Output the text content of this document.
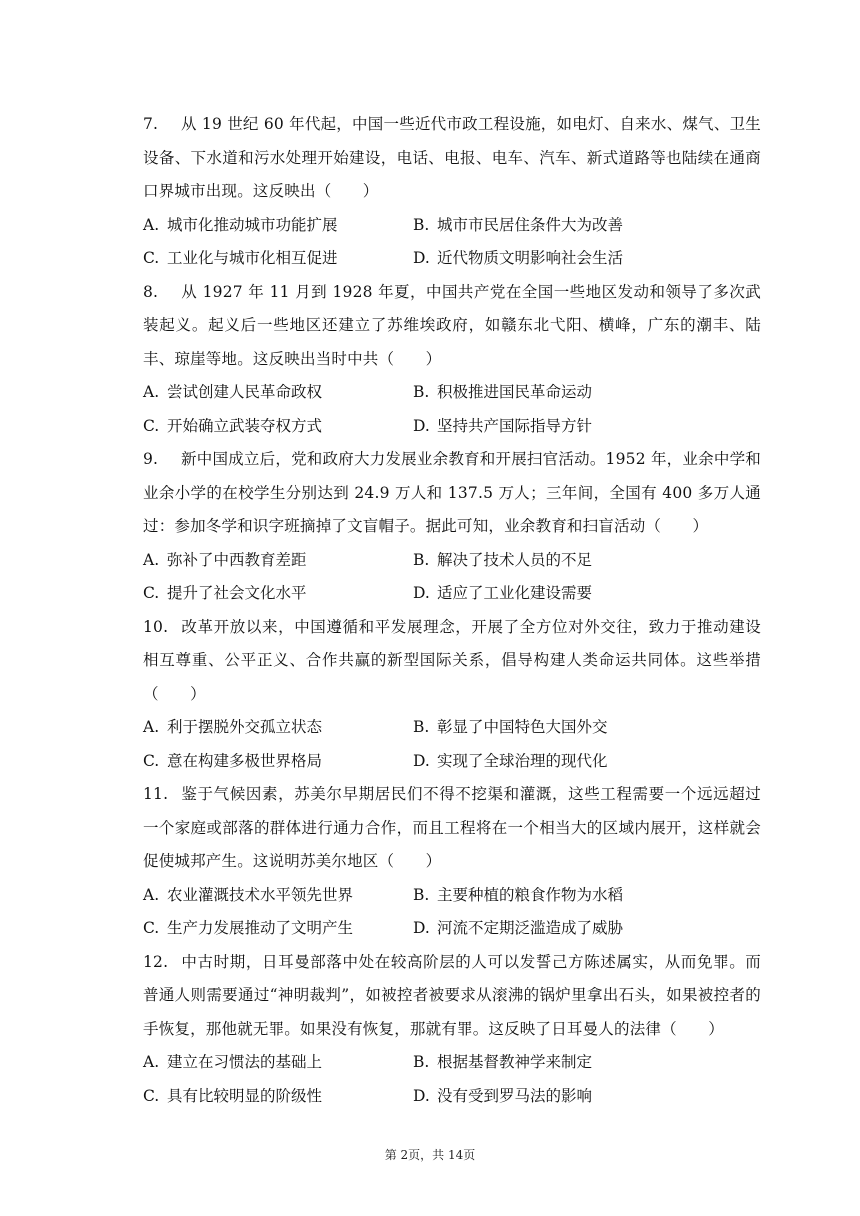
7. 从 19 世纪 60 年代起，中国一些近代市政工程设施，如电灯、自来水、煤气、卫生设备、下水道和污水处理开始建设，电话、电报、电车、汽车、新式道路等也陆续在通商口界城市出现。这反映出（　　）

A. 城市化推动城市功能扩展	B. 城市市民居住条件大为改善
C. 工业化与城市化相互促进	D. 近代物质文明影响社会生活

8. 从 1927 年 11 月到 1928 年夏，中国共产党在全国一些地区发动和领导了多次武装起义。起义后一些地区还建立了苏维埃政府，如赣东北弋阳、横峰，广东的潮丰、陆丰、琼崖等地。这反映出当时中共（　　）

A. 尝试创建人民革命政权	B. 积极推进国民革命运动
C. 开始确立武装夺权方式	D. 坚持共产国际指导方针

9. 新中国成立后，党和政府大力发展业余教育和开展扫官活动。1952 年，业余中学和业余小学的在校学生分别达到 24.9 万人和 137.5 万人；三年间，全国有 400 多万人通过：参加冬学和识字班摘掉了文盲帽子。据此可知，业余教育和扫盲活动（　　）

A. 弥补了中西教育差距	B. 解决了技术人员的不足
C. 提升了社会文化水平	D. 适应了工业化建设需要

10. 改革开放以来，中国遵循和平发展理念，开展了全方位对外交往，致力于推动建设相互尊重、公平正义、合作共赢的新型国际关系，倡导构建人类命运共同体。这些举措（　　）

A. 利于摆脱外交孤立状态	B. 彰显了中国特色大国外交
C. 意在构建多极世界格局	D. 实现了全球治理的现代化

11. 鉴于气候因素，苏美尔早期居民们不得不挖渠和灌溉，这些工程需要一个远远超过一个家庭或部落的群体进行通力合作，而且工程将在一个相当大的区域内展开，这样就会促使城邦产生。这说明苏美尔地区（　　）

A. 农业灌溉技术水平领先世界	B. 主要种植的粮食作物为水稻
C. 生产力发展推动了文明产生	D. 河流不定期泛滥造成了威胁

12. 中古时期，日耳曼部落中处在较高阶层的人可以发誓己方陈述属实，从而免罪。而普通人则需要通过“神明裁判”，如被控者被要求从滚沸的锅炉里拿出石头，如果被控者的手恢复，那他就无罪。如果没有恢复，那就有罪。这反映了日耳曼人的法律（　　）

A. 建立在习惯法的基础上	B. 根据基督教神学来制定
C. 具有比较明显的阶级性	D. 没有受到罗马法的影响
第 2页，共 14页
